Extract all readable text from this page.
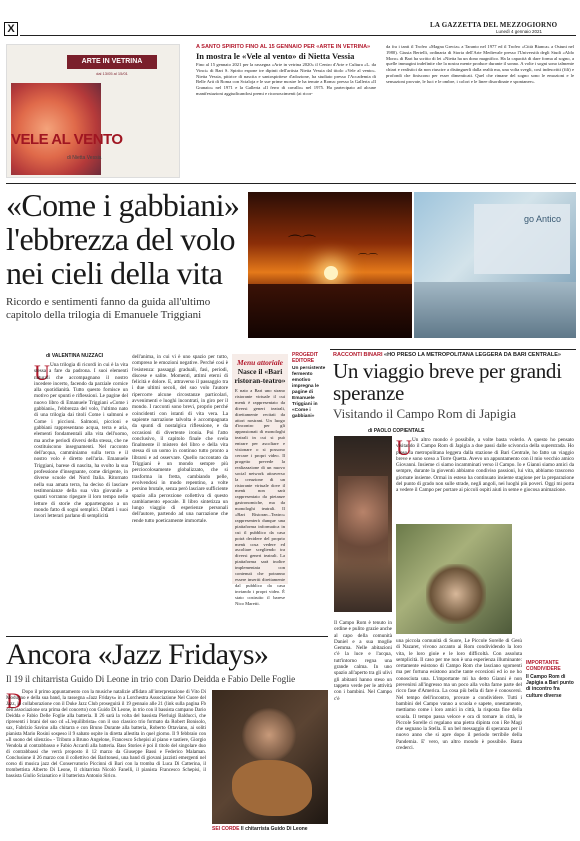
X	LA GAZZETTA DEL MEZZOGIORNO
Lunedì 4 gennaio 2021
ARTE IN VETRINA
dal 13/05 al 15/01
VELE AL VENTO
di Nietta Vessia
A SANTO SPIRITO FINO AL 15 GENNAIO PER «ARTE IN VETRINA»
In mostra le «Vele al vento» di Nietta Vessia
Fino al 15 gennaio 2021 per la rassegna «Arte in vetrina 2020» il Centro d'Arte e Cultura «L. da Vinci» di Bari S. Spirito espone tre dipinti dell'artista Nietta Vessia dal titolo «Vele al vento». Nietta Vessia, pittrice di nascita e santospiritese d'adozione, ha studiato presso l'Accademia di Belle Arti di Roma con Scialoja e le sue prime mostre le ha tenute a Roma: presso la Galleria «Il Granaio» nel 1971 e la Galleria «Il ferro di cavallo» nel 1975. Ha partecipato ad alcune manifestazioni aggiudicandosi premi e riconoscimenti (ai ricor-
da fra i tanti il Trofeo «Magna Grecia» a Taranto nel 1977 ed il Trofeo «Città Bianca» a Ostuni nel 1980). Giusia Bertelli, ordinaria di Storia dell'Arte Medievale presso l'Università degli Studi «Aldo Moro» di Bari ha scritto di lei «Nietta ha un dono magnifico. Ha la capacità di dare forma al sogno, a quelle immagini indefinite che la nostra mente produce durante il sonno. A volte i sogni sono talmente chiari e realistici da non riuscire a distinguerli dalla realtà ma, una volta svegli, così indescritti (fili) e profondi che finiscono per esser dimenticati. Quel che rimane del sogno sono le emozioni e le sensazioni provate, le luci e le ombre, i colori e le linee disordinate e spontanee».
«Come i gabbiani» l'ebbrezza del volo nei cieli della vita
Ricordo e sentimenti fanno da guida all'ultimo capitolo della trilogia di Emanuele Triggiani
⌒⌒
⌒⌒
go Antico
di VALENTINA NUZZACI
U Una trilogia di ricordi in cui è la vita stessa a fare da padrona. I suoi elementi naturali che accompagnano il nostro incedere incerto, facendo da parziale cornice alla quotidianità. Tutto questo fornisce un motivo per spunti e riflessioni. Le pagine del nuovo libro di Emanuele Triggiani «Come i gabbiani», l'ebbrezza del volo, l'ultimo nato di una trilogia dai titoli Come i salmoni e Come i piccioni. Salmoni, piccioni e gabbiani rappresentano acqua, terra e aria, elementi fondamentali alla vita dell'uomo, ma anche periodi diversi della stessa, che ne costituiscono insegnamenti. Nel racconto dell'acqua, camminiamo sulla terra e il nostro volo è diretto nell'aria. Emanuele Triggiani, barese di nascita, ha svolto la sua professione d'insegnante, come dirigente, in diverse scuole del Nord Italia. Ritornato nella sua amata terra, ha deciso di lasciare testimonianze della sua vita giovanile a quanti vorranno ripegare il loro tempo nelle letture di storie che appartengono a un mondo fatto di sogni semplici. Difatti i suoi lavori letterari parlano di semplicità
dell'anima, in cui vi è uno spazio per tutto, compreso le emozioni negative. Perché così è l'esistenza: passaggi graduali, fasi, periodi, discese e salite. Momenti, attimi eterni di felicità e dolore. E, attraverso il passaggio tra i due ultimi secoli, del suo volo l'autore ripercorre alcune circostanze particolari, avvenimenti e luoghi incontrati, in giro per il mondo. I racconti sono brevi, proprio perché coincidenti con istanti di vita vera. La sapiente narrazione talvolta è accompagnata da spunti di nostalgica riflessione, e da occasioni di divertente ironia. Poi l'atto conclusivo, il capitolo finale che svela finalmente il mistero del libro e della vita stessa di un uomo in continuo tutto pronto a librarsi e ad osservare. Quello raccontato da Triggiani è un mondo sempre più perciocolosamente globalizzato, che si trasforma in fretta, cambiando pelle, evolvendosi in modo repentino, a volte persino brutale, senza però lasciare sufficiente spazio alla percezione collettiva di questo cambiamento epocale. Il libro sintetizza un lungo viaggio di esperienze personali dell'autore, partendo ad una narrazione che rende tutto poeticamente immortale.
Menu attoriale
Nasce il «Bari ristoran-teatro»
E nato a Bari uno strano ristorante virtuale il cui menù è rappresentato da diversi generi teatrali, direttamente recitati da attori nostrani. Un luogo d'incontro per gli appassionati di monologhi teatrali in cui si può entrare per ascoltare e visionare o si possono cercare i propri video. Il progetto prevede la realizzazione di un nuovo social network attraverso la creazione di un ristorante virtuale dove il menù non sarà rappresentato da pietanze gastronomiche, ma da monologhi teatrali. Il «Bari Ristoran...Teatro» rappresenterà dunque una piattaforma informatica in cui il pubblico da casa potrà decidere del proprio menù cosa vedere ed ascoltare scegliendo tra diversi generi teatrali. La piattaforma sarà inoltre implementata con contenuti che potranno essere inseriti direttamente dal pubblico da casa inviando i propri video. È stato costruito il barese Nico Maretti.
PROGEDIT EDITORE
Un persistente fermento emotivo impregna le pagine di Emanuele Triggiani in «Come i gabbiani»
RACCONTI BINARI «HO PRESO LA METROPOLITANA LEGGERA DA BARI CENTRALE»
Un viaggio breve per grandi speranze
Visitando il Campo Rom di Japigia
di PAOLO COPIENTALE
U Un altro mondo è possibile, a volte basta volerlo. A questo ho pensato visitando il Campo Rom di Japigia a due passi dalle scivoncia della superstrada. Ho preso la metropolitana leggera dalla stazione di Bari Centrale, ho fatto un viaggio breve e sono sceso a Torre Quetta. Avevo un appuntamento con il mio vecchio amico Giovanni. Insieme ci siamo incamminati verso il Campo. Io e Gianni siamo amici da sempre, durante la gioventù abbiamo condiviso passioni, lui vita, abbiamo trascorso giornate insieme. Ormai in esteso ha continuato insieme stagione per la preparazione del punto di grado non sulle strade, negli angoli, nei luoghi più poveri. Oggi mi porta a vedere il Campo per portare ai piccoli ospiti aiuti in seme e giocosa animazione.
Il Campo Rom è tenuto in ordine e pulito grazie anche al capo della comunità Daniel e a sua moglie Gemma. Nelle abitazioni c'è la luce e l'acqua, tutt'intorno regna una grande calma. In uno spazio all'aperto tra gli ulivi gli abitanti hanno steso un tappeto verde per le attività con i bambini. Nel Campo c'è
una piccola comunità di Suore, Le Piccole Sorelle di Gesù di Nazaret, vivono accanto ai Rom condividendo la loro vita, le loro gioie e le loro difficoltà. Con assoluta semplicità. Il caso per me non è una esperienza illuminante: certamente esistono di Campo Rom che lasciano sgomenti ma per fortuna esistono anche tante eccezioni ed io ne ho conosciuta una. L'importante mi ha detto Gianni è non prevenirsi all'ingresso ma un poco alla volta farne parte del ricco fase d'America. La cosa più bella di fare è conoscersi. Nel tempo dell'incontro, provare a condividere. Tutti i bambini del Campo vanno a scuola e sapete, onestamente, mettiamo come i loro amici in città, la risposta fine della scuola. Il tempo passa veloce e ora di tornare in città, le Piccole Sorelle ci regalano una pietra dipinta con i Re Magi che segnano la Stella. E un bel messaggio di speranza per il nuovo anno che si apre dopo il periodo terribile della Pandemia. E' vero, un altro mondo è possibile. Basta crederci.
IMPORTANTE CONDIVIDERE
Il Campo Rom di Japigia a Bari punto di incontro fra culture diverse
Ancora «Jazz Fridays»
Il 19 il chitarrista Guido Di Leone in trio con Dario Deidda e Fabio Delle Foglie
D Dopo il primo appuntamento con la musiche natalizie affidato all'interpretazione di Vito Di Modugno e della sua band, la rassegna «Jazz Fridays» in a Lorchestra Associazione Nel Cuore del Jazz, in collaborazione con il Duke Jazz Club proseguirà il 19 gennaio alle 21 (link sulla pagina Fb dell'associazione ora prima del concerto) con Guido Di Leone, in trio con il bassista campano Dario Deidda e Fabio Delle Foglie alla batteria. Il 26 sarà la volta del bassista Pierluigi Balducci, che ripresenti i brani del suo cd «L'equilibrista» con il suo classico trio formato da Robert Bonisolo, sax, Fabrizio Savino alla chitarra e con Bruno Durante alla batteria, Roberto Ottaviano, ai soliti pianista Mario Rosini sospeso il 9 sabato ospite in diretta allestita in quel giorno. Il 9 febbraio con «Il suono del silenzio» - Tributo a Bruno Angelone, Francesco Schepisi al piano e tastiere, Giorgio Vendola al contrabbasso e Fabio Accardi alla batteria. Bass Stories è poi il titolo del singolare duo di contrabbassi che verrà proposto il 12 marzo da Giuseppe Bassi e Federico Malaman. Conclusione il 26 marzo con il collettivo dei Baritonesi, una band di giovani jazzisti emergenti nel corso di musica jazz del Conservatorio Piccinni di Bari con la tromba di Luca Di Catterina, il trombettista Alberto Di Leone, Il chitarrista Nicolò Fanelli, il pianista Francesco Schepisi, il bassista Giulio Scianatico e il batterista Antonio Sirico.
SEI CORDE Il chitarrista Guido Di Leone
